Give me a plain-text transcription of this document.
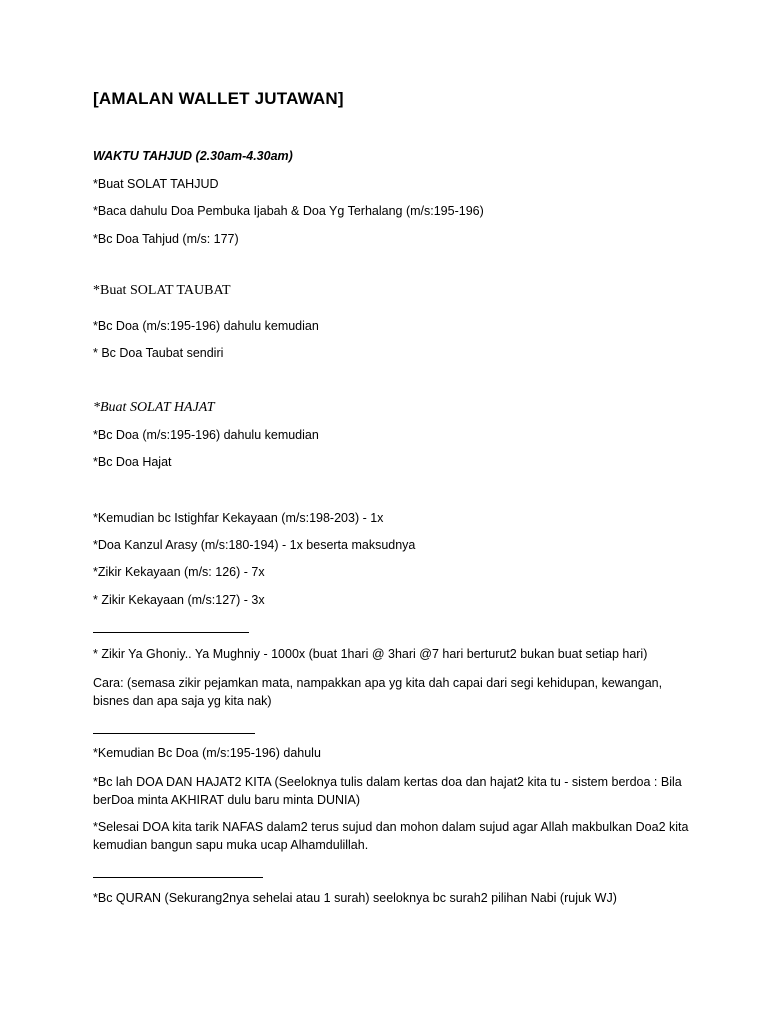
[AMALAN WALLET JUTAWAN]
WAKTU TAHJUD (2.30am-4.30am)
*Buat SOLAT TAHJUD
*Baca dahulu Doa Pembuka Ijabah & Doa Yg Terhalang (m/s:195-196)
*Bc Doa Tahjud (m/s: 177)
*Buat SOLAT TAUBAT
*Bc Doa (m/s:195-196) dahulu kemudian
* Bc Doa Taubat sendiri
*Buat SOLAT HAJAT
*Bc Doa (m/s:195-196) dahulu kemudian
*Bc Doa Hajat
*Kemudian bc Istighfar Kekayaan (m/s:198-203) - 1x
*Doa Kanzul Arasy (m/s:180-194) - 1x beserta maksudnya
*Zikir Kekayaan (m/s: 126) - 7x
* Zikir Kekayaan (m/s:127) - 3x
* Zikir Ya Ghoniy.. Ya Mughniy - 1000x (buat 1hari @ 3hari @7 hari berturut2 bukan buat setiap hari)
Cara: (semasa zikir pejamkan mata, nampakkan apa yg kita dah capai dari segi kehidupan, kewangan, bisnes dan apa saja yg kita nak)
*Kemudian Bc Doa (m/s:195-196) dahulu
*Bc lah DOA DAN HAJAT2 KITA (Seeloknya tulis dalam kertas doa dan hajat2 kita tu - sistem berdoa : Bila berDoa minta AKHIRAT dulu baru minta DUNIA)
*Selesai DOA kita tarik NAFAS dalam2 terus sujud dan mohon dalam sujud agar Allah makbulkan Doa2 kita kemudian bangun sapu muka ucap Alhamdulillah.
*Bc QURAN (Sekurang2nya sehelai atau 1 surah) seeloknya bc surah2 pilihan Nabi (rujuk WJ)
